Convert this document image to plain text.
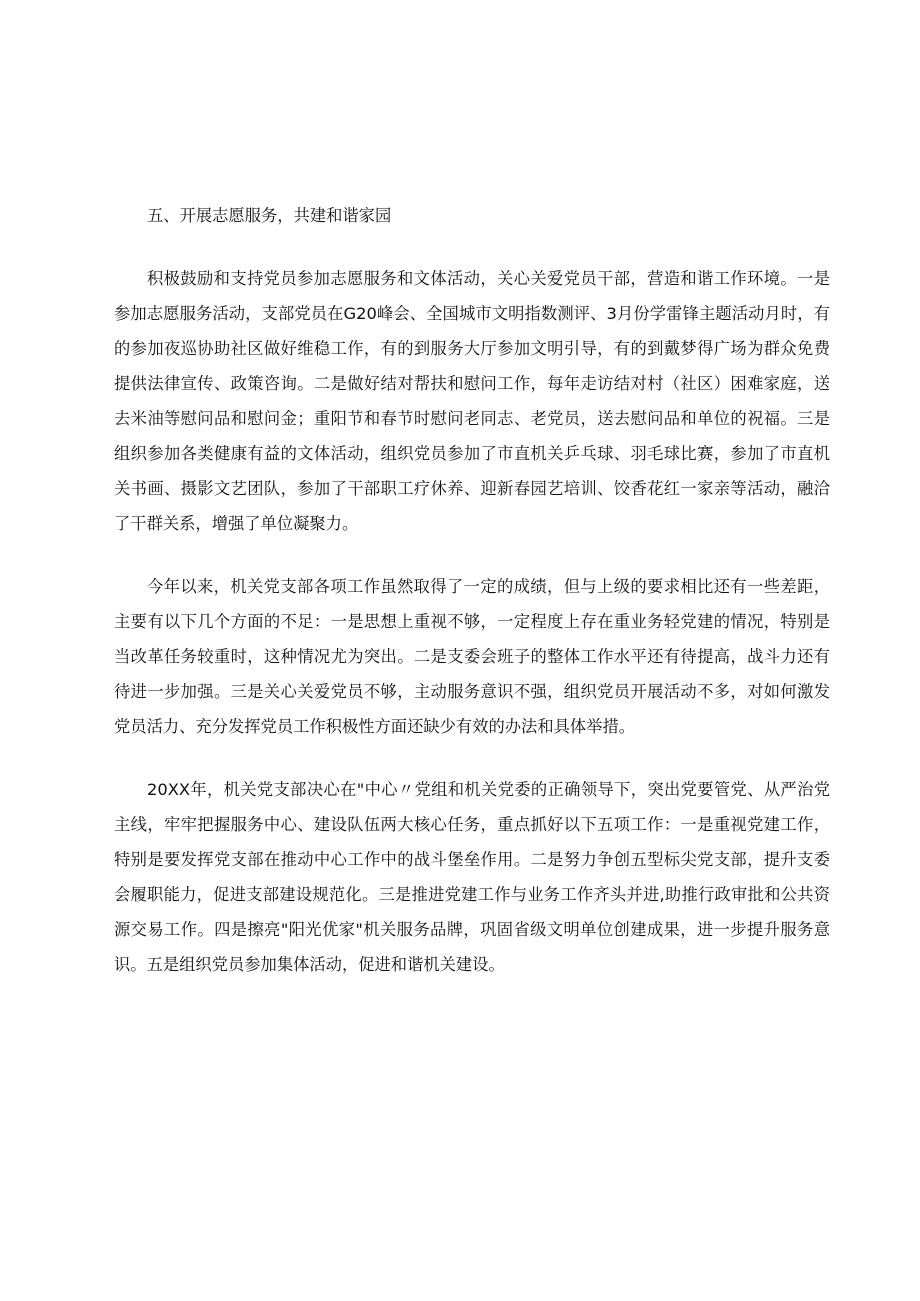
五、开展志愿服务，共建和谐家园

积极鼓励和支持党员参加志愿服务和文体活动，关心关爱党员干部，营造和谐工作环境。一是参加志愿服务活动，支部党员在G20峰会、全国城市文明指数测评、3月份学雷锋主题活动月时，有的参加夜巡协助社区做好维稳工作，有的到服务大厅参加文明引导，有的到戴梦得广场为群众免费提供法律宣传、政策咨询。二是做好结对帮扶和慰问工作，每年走访结对村（社区）困难家庭，送去米油等慰问品和慰问金；重阳节和春节时慰问老同志、老党员，送去慰问品和单位的祝福。三是组织参加各类健康有益的文体活动，组织党员参加了市直机关乒乓球、羽毛球比赛，参加了市直机关书画、摄影文艺团队，参加了干部职工疗休养、迎新春园艺培训、饺香花红一家亲等活动，融洽了干群关系，增强了单位凝聚力。

今年以来，机关党支部各项工作虽然取得了一定的成绩，但与上级的要求相比还有一些差距，主要有以下几个方面的不足：一是思想上重视不够，一定程度上存在重业务轻党建的情况，特别是当改革任务较重时，这种情况尤为突出。二是支委会班子的整体工作水平还有待提高，战斗力还有待进一步加强。三是关心关爱党员不够，主动服务意识不强，组织党员开展活动不多，对如何激发党员活力、充分发挥党员工作积极性方面还缺少有效的办法和具体举措。

20XX年，机关党支部决心在"中心〃党组和机关党委的正确领导下，突出党要管党、从严治党主线，牢牢把握服务中心、建设队伍两大核心任务，重点抓好以下五项工作：一是重视党建工作，特别是要发挥党支部在推动中心工作中的战斗堡垒作用。二是努力争创五型标尖党支部，提升支委会履职能力，促进支部建设规范化。三是推进党建工作与业务工作齐头并进,助推行政审批和公共资源交易工作。四是擦亮"阳光优家"机关服务品牌，巩固省级文明单位创建成果，进一步提升服务意识。五是组织党员参加集体活动，促进和谐机关建设。
